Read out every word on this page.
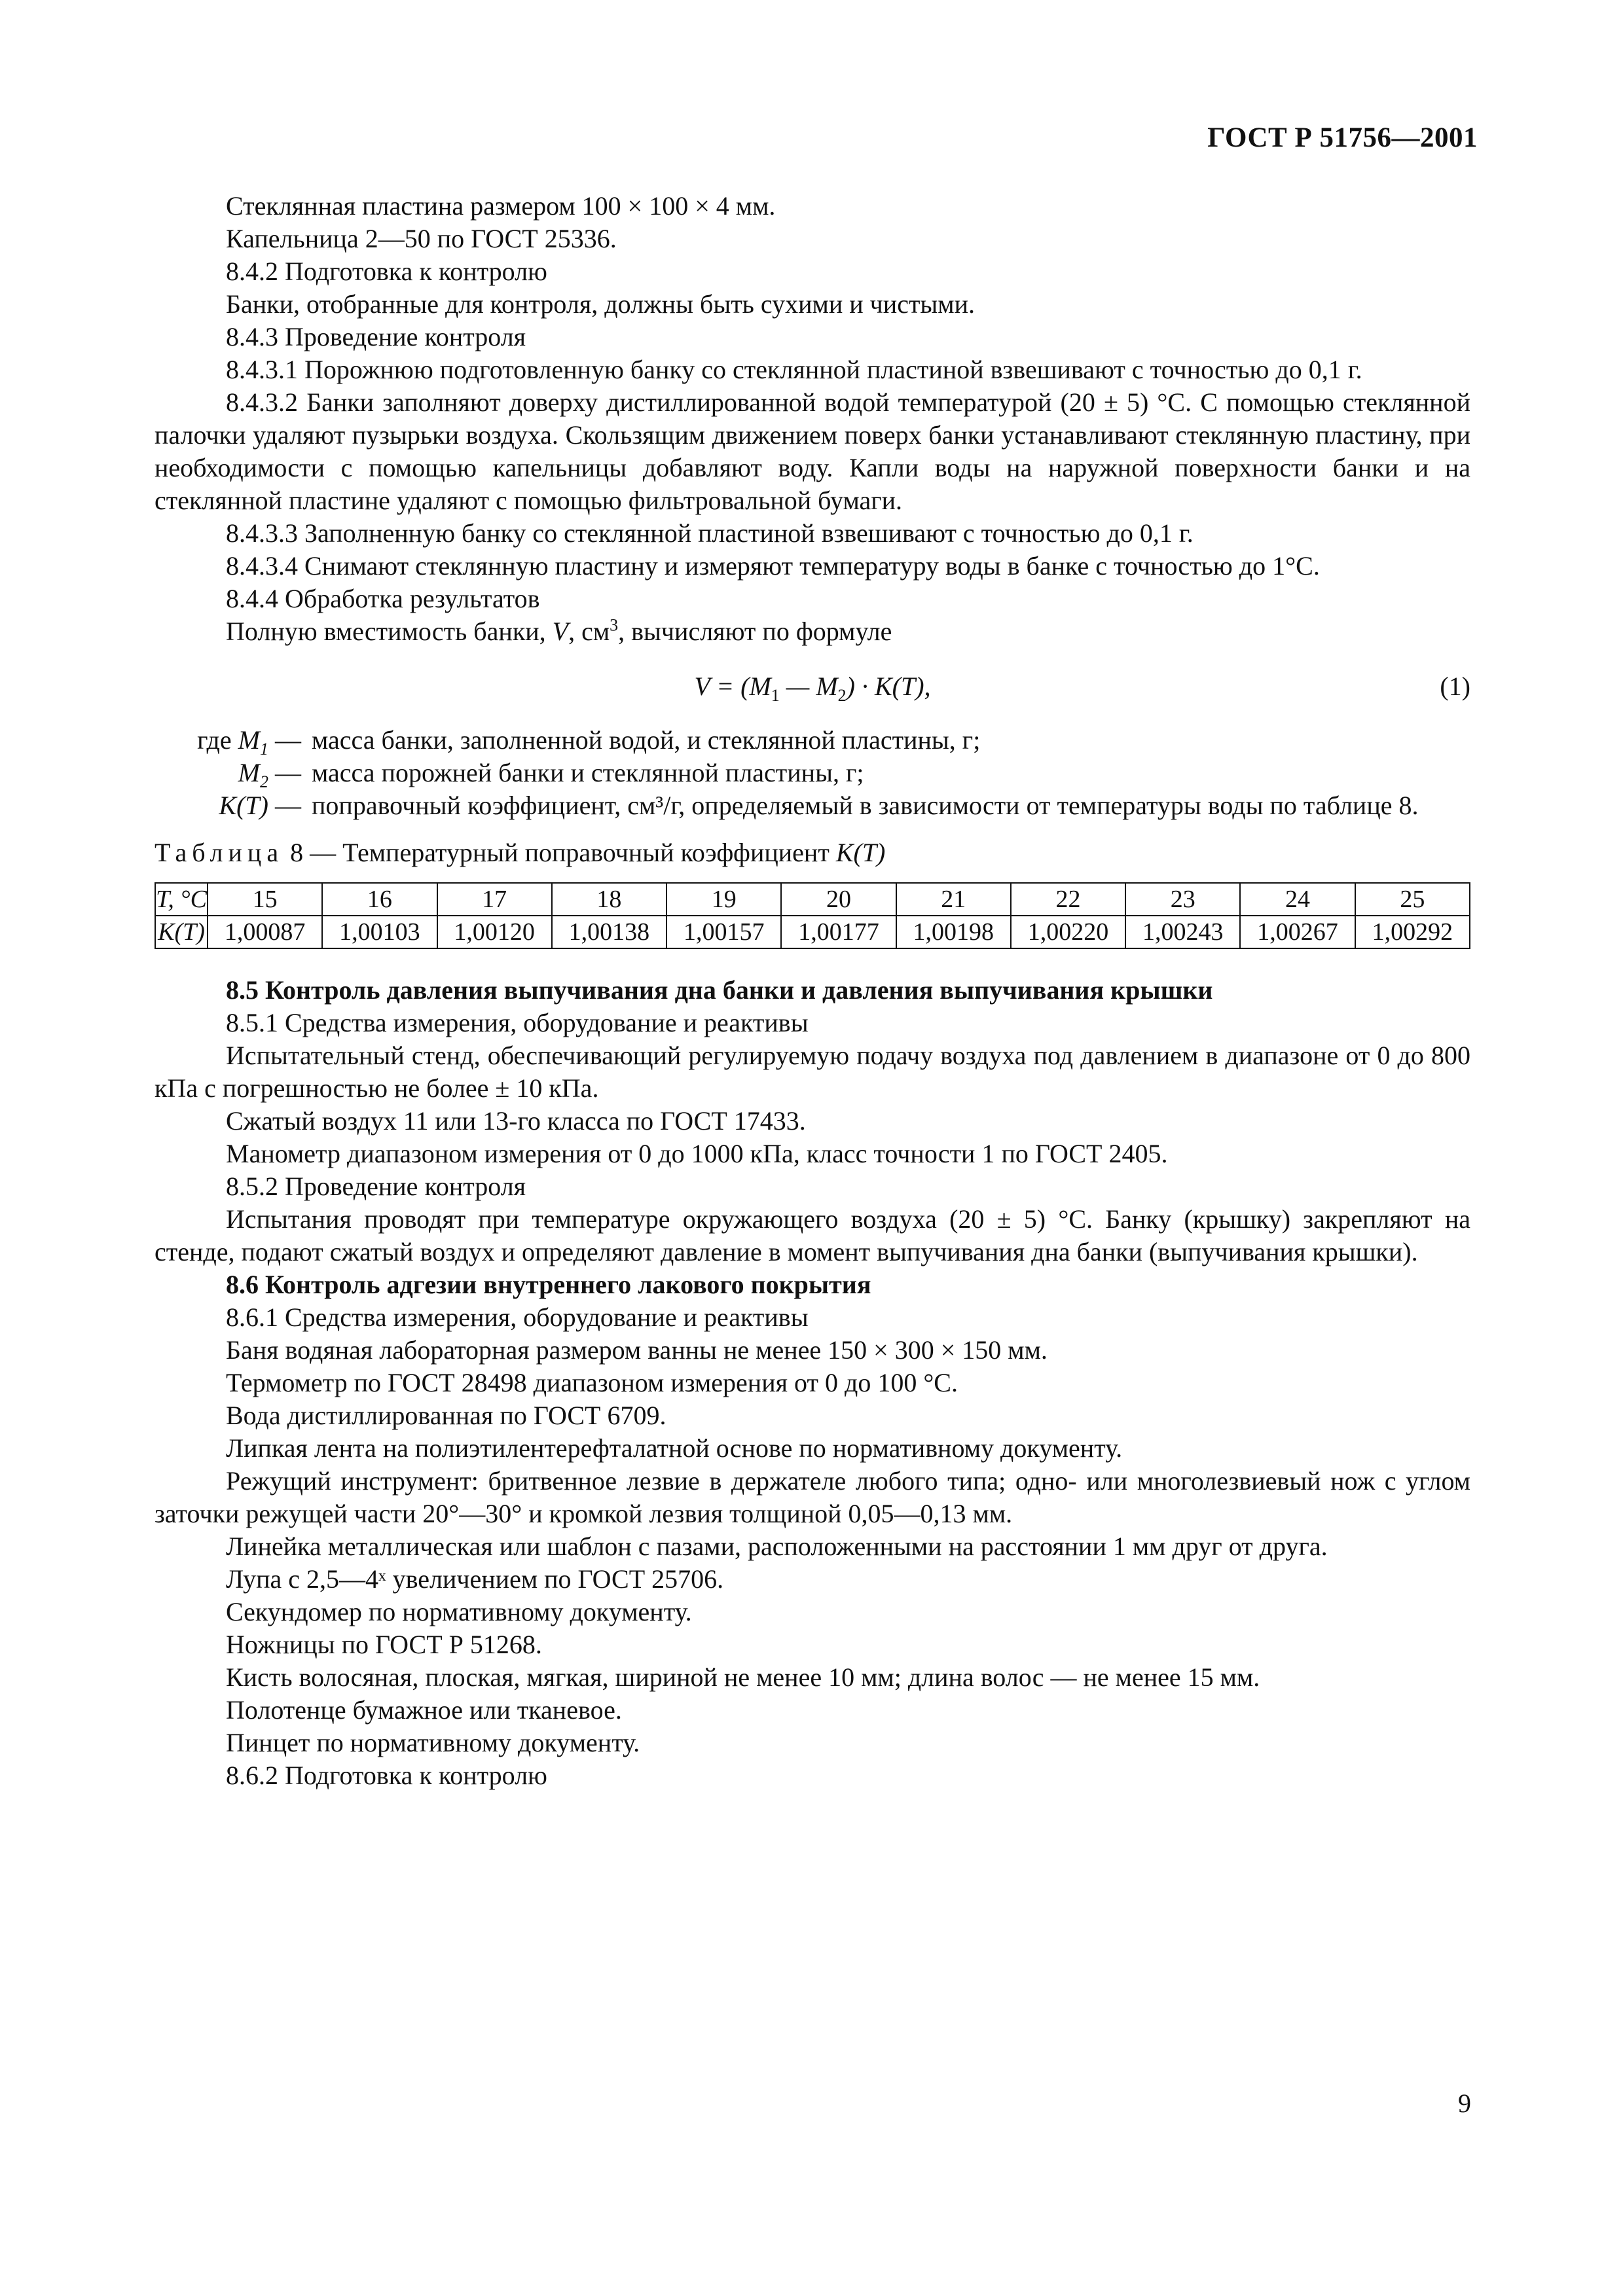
ГОСТ Р 51756—2001

Стеклянная пластина размером 100 × 100 × 4 мм.

Капельница 2—50 по ГОСТ 25336.

8.4.2 Подготовка к контролю

Банки, отобранные для контроля, должны быть сухими и чистыми.

8.4.3 Проведение контроля

8.4.3.1 Порожнюю подготовленную банку со стеклянной пластиной взвешивают с точностью до 0,1 г.

8.4.3.2 Банки заполняют доверху дистиллированной водой температурой (20 ± 5) °С. С помощью стеклянной палочки удаляют пузырьки воздуха. Скользящим движением поверх банки устанавливают стеклянную пластину, при необходимости с помощью капельницы добавляют воду. Капли воды на наружной поверхности банки и на стеклянной пластине удаляют с помощью фильтровальной бумаги.

8.4.3.3 Заполненную банку со стеклянной пластиной взвешивают с точностью до 0,1 г.

8.4.3.4 Снимают стеклянную пластину и измеряют температуру воды в банке с точностью до 1°С.

8.4.4 Обработка результатов

Полную вместимость банки, V, $см^3$, вычисляют по формуле

$V = (M_1$ — $M_2) \cdot K(T)$,	(1)
где $M_1$ — масса банки, заполненной водой, и стеклянной пластины, г;
$M_2$ — масса порожней банки и стеклянной пластины, г;
K(T) — поправочный коэффициент, см³/г, определяемый в зависимости от температуры воды по таблице 8.
Таблица 8 — Температурный поправочный коэффициент K(T)
T, °С	15	16	17	18	19	20	21	22	23	24	25
K(T)	1,00087	1,00103	1,00120	1,00138	1,00157	1,00177	1,00198	1,00220	1,00243	1,00267	1,00292

8.5 Контроль давления выпучивания дна банки и давления выпучивания крышки

8.5.1 Средства измерения, оборудование и реактивы

Испытательный стенд, обеспечивающий регулируемую подачу воздуха под давлением в диапазоне от 0 до 800 кПа с погрешностью не более ± 10 кПа.

Сжатый воздух 11 или 13-го класса по ГОСТ 17433.

Манометр диапазоном измерения от 0 до 1000 кПа, класс точности 1 по ГОСТ 2405.

8.5.2 Проведение контроля

Испытания проводят при температуре окружающего воздуха (20 ± 5) °С. Банку (крышку) закрепляют на стенде, подают сжатый воздух и определяют давление в момент выпучивания дна банки (выпучивания крышки).

8.6 Контроль адгезии внутреннего лакового покрытия

8.6.1 Средства измерения, оборудование и реактивы

Баня водяная лабораторная размером ванны не менее 150 × 300 × 150 мм.

Термометр по ГОСТ 28498 диапазоном измерения от 0 до 100 °С.

Вода дистиллированная по ГОСТ 6709.

Липкая лента на полиэтилентерефталатной основе по нормативному документу.

Режущий инструмент: бритвенное лезвие в держателе любого типа; одно- или многолезвиевый нож с углом заточки режущей части 20°—30° и кромкой лезвия толщиной 0,05—0,13 мм.

Линейка металлическая или шаблон с пазами, расположенными на расстоянии 1 мм друг от друга.

Лупа с 2,5—4ˣ увеличением по ГОСТ 25706.

Секундомер по нормативному документу.

Ножницы по ГОСТ Р 51268.

Кисть волосяная, плоская, мягкая, шириной не менее 10 мм; длина волос — не менее 15 мм.

Полотенце бумажное или тканевое.

Пинцет по нормативному документу.

8.6.2 Подготовка к контролю

9
